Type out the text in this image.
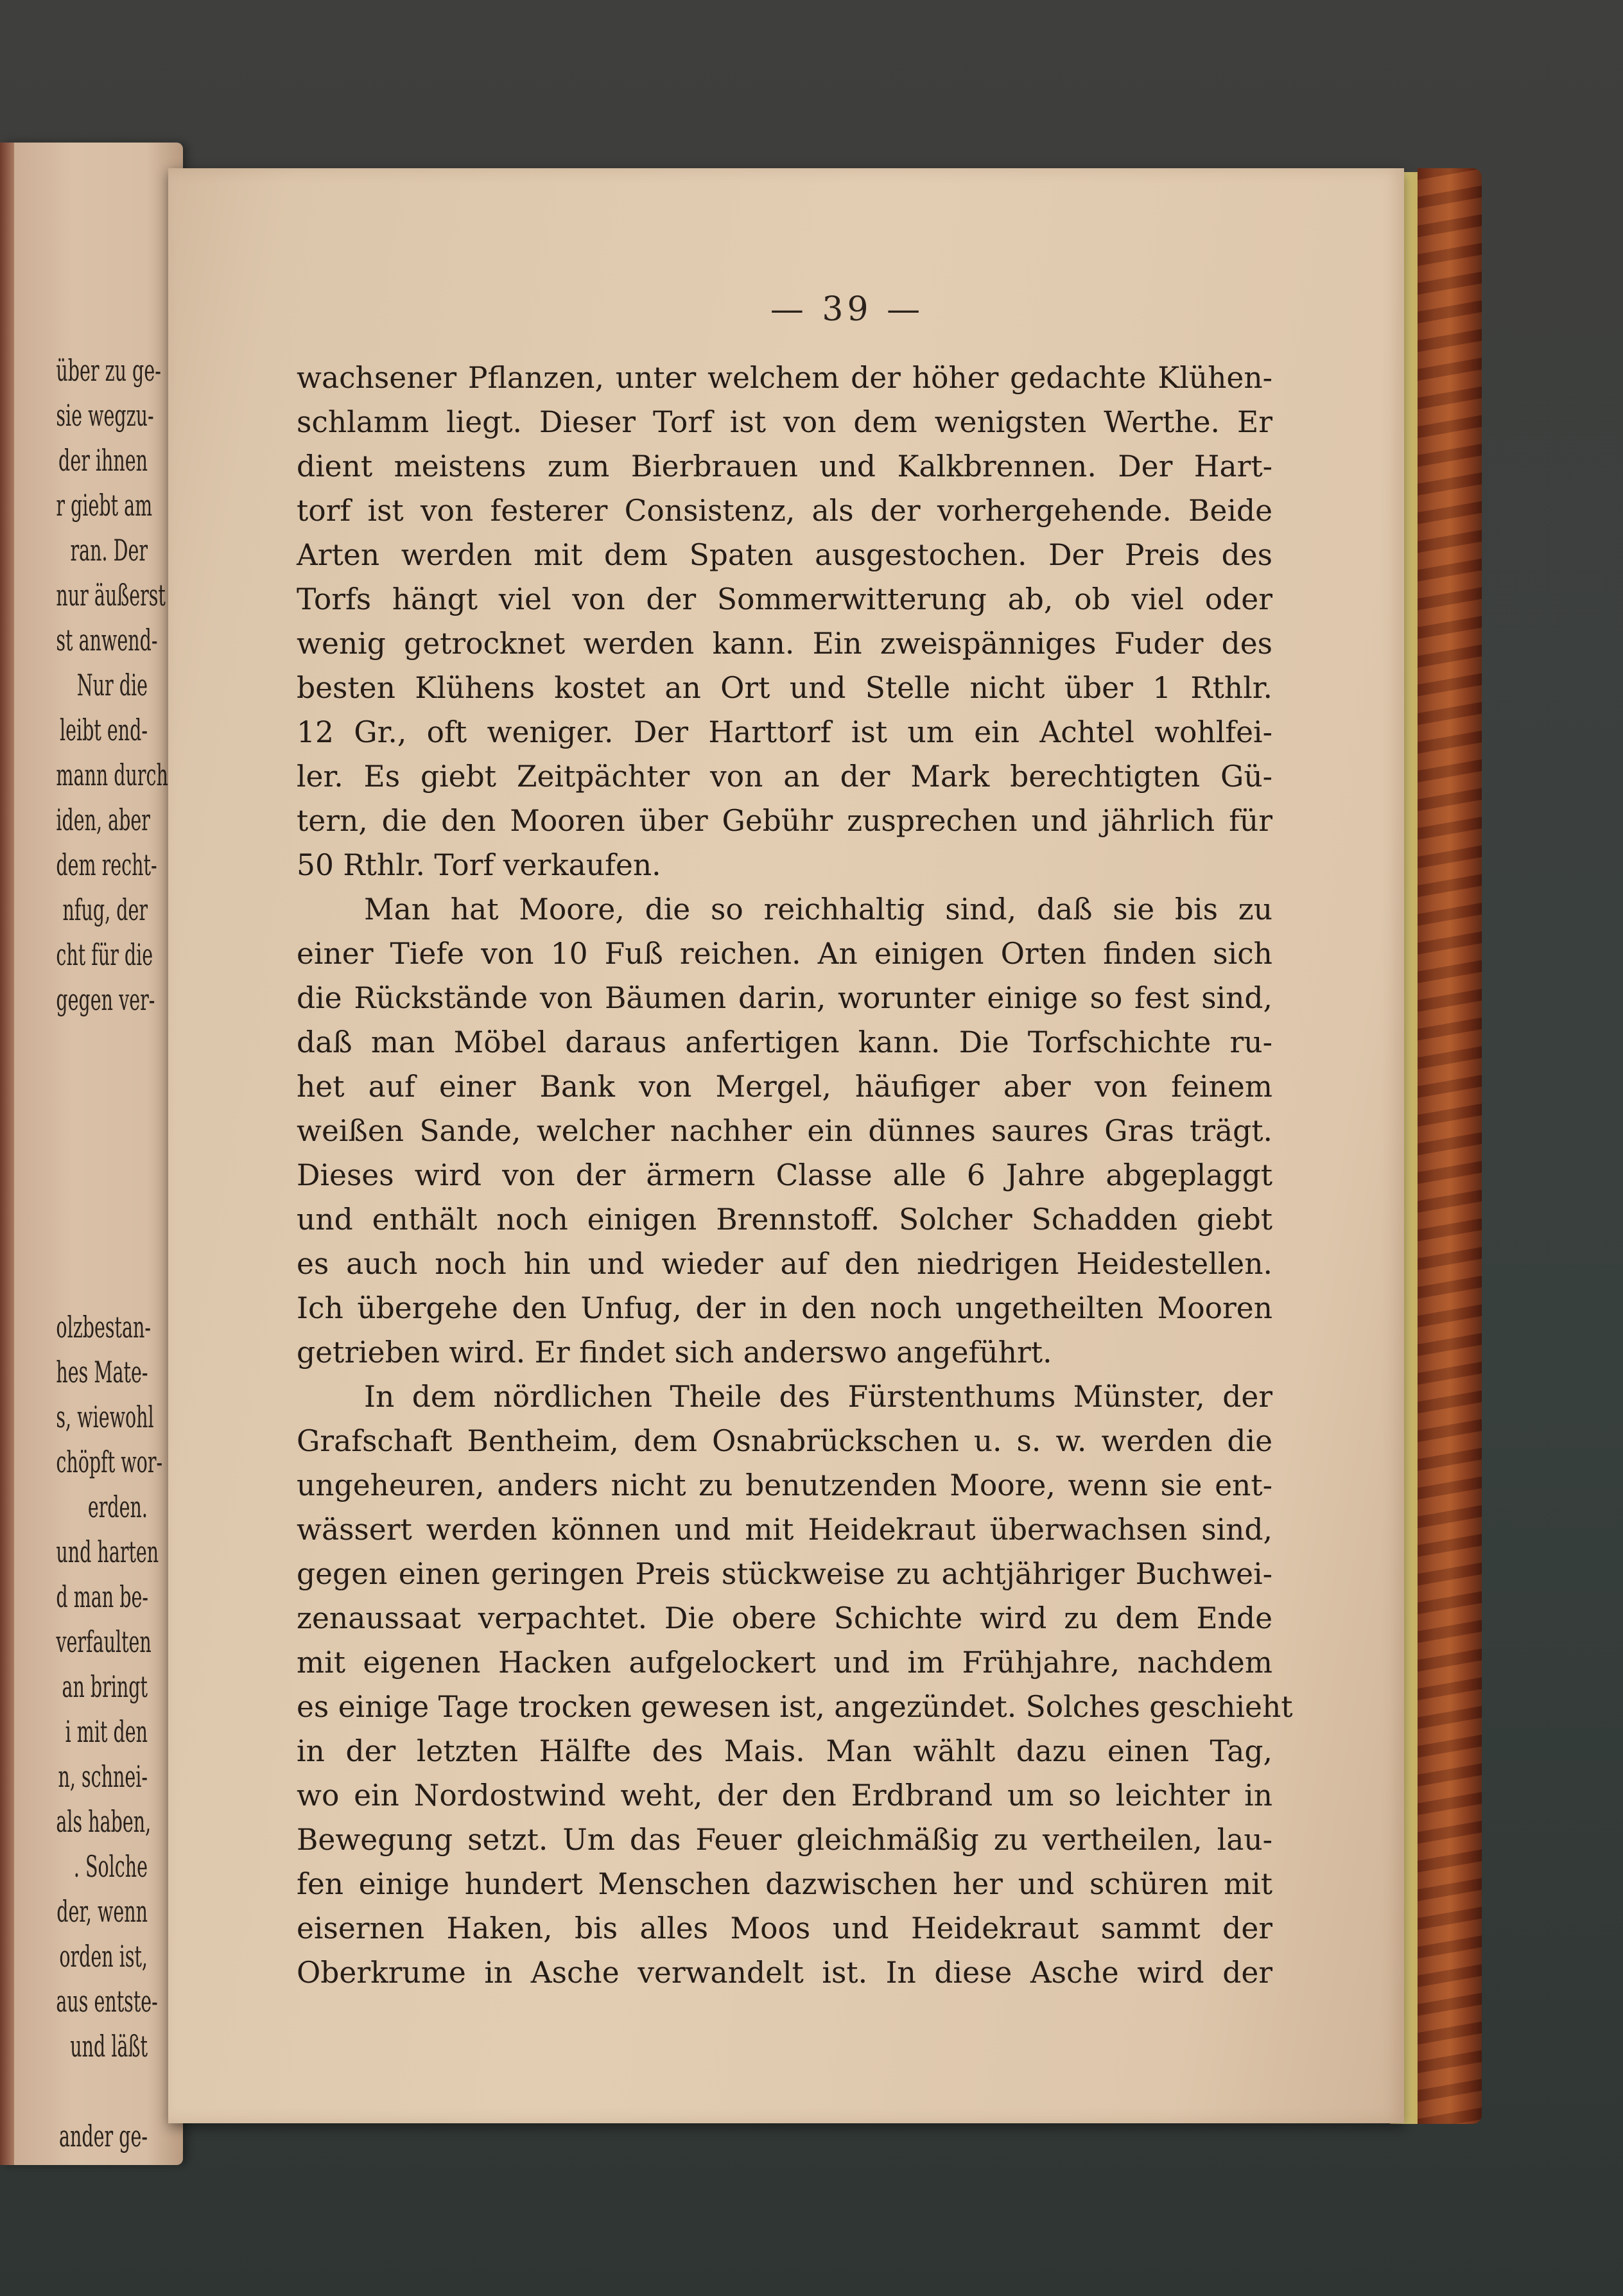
über zu ge-
sie wegzu-
der ihnen
r giebt am
ran. Der
nur äußerst
st anwend-
Nur die
leibt end-
mann durch
iden, aber
dem recht-
nfug, der
cht für die
gegen ver-
olzbestan-
hes Mate-
s, wiewohl
chöpft wor-
erden.
und harten
d man be-
verfaulten
an bringt
i mit den
n, schnei-
als haben,
. Solche
der, wenn
orden ist,
aus entste-
und läßt
ander ge-
— 39 —
wachsener Pflanzen, unter welchem der höher gedachte Klühen-
schlamm liegt. Dieser Torf ist von dem wenigsten Werthe. Er
dient meistens zum Bierbrauen und Kalkbrennen. Der Hart-
torf ist von festerer Consistenz, als der vorhergehende. Beide
Arten werden mit dem Spaten ausgestochen. Der Preis des
Torfs hängt viel von der Sommerwitterung ab, ob viel oder
wenig getrocknet werden kann. Ein zweispänniges Fuder des
besten Klühens kostet an Ort und Stelle nicht über 1 Rthlr.
12 Gr., oft weniger. Der Harttorf ist um ein Achtel wohlfei-
ler. Es giebt Zeitpächter von an der Mark berechtigten Gü-
tern, die den Mooren über Gebühr zusprechen und jährlich für
50 Rthlr. Torf verkaufen.
Man hat Moore, die so reichhaltig sind, daß sie bis zu
einer Tiefe von 10 Fuß reichen. An einigen Orten finden sich
die Rückstände von Bäumen darin, worunter einige so fest sind,
daß man Möbel daraus anfertigen kann. Die Torfschichte ru-
het auf einer Bank von Mergel, häufiger aber von feinem
weißen Sande, welcher nachher ein dünnes saures Gras trägt.
Dieses wird von der ärmern Classe alle 6 Jahre abgeplaggt
und enthält noch einigen Brennstoff. Solcher Schadden giebt
es auch noch hin und wieder auf den niedrigen Heidestellen.
Ich übergehe den Unfug, der in den noch ungetheilten Mooren
getrieben wird. Er findet sich anderswo angeführt.
In dem nördlichen Theile des Fürstenthums Münster, der
Grafschaft Bentheim, dem Osnabrückschen u. s. w. werden die
ungeheuren, anders nicht zu benutzenden Moore, wenn sie ent-
wässert werden können und mit Heidekraut überwachsen sind,
gegen einen geringen Preis stückweise zu achtjähriger Buchwei-
zenaussaat verpachtet. Die obere Schichte wird zu dem Ende
mit eigenen Hacken aufgelockert und im Frühjahre, nachdem
es einige Tage trocken gewesen ist, angezündet. Solches geschieht
in der letzten Hälfte des Mais. Man wählt dazu einen Tag,
wo ein Nordostwind weht, der den Erdbrand um so leichter in
Bewegung setzt. Um das Feuer gleichmäßig zu vertheilen, lau-
fen einige hundert Menschen dazwischen her und schüren mit
eisernen Haken, bis alles Moos und Heidekraut sammt der
Oberkrume in Asche verwandelt ist. In diese Asche wird der
